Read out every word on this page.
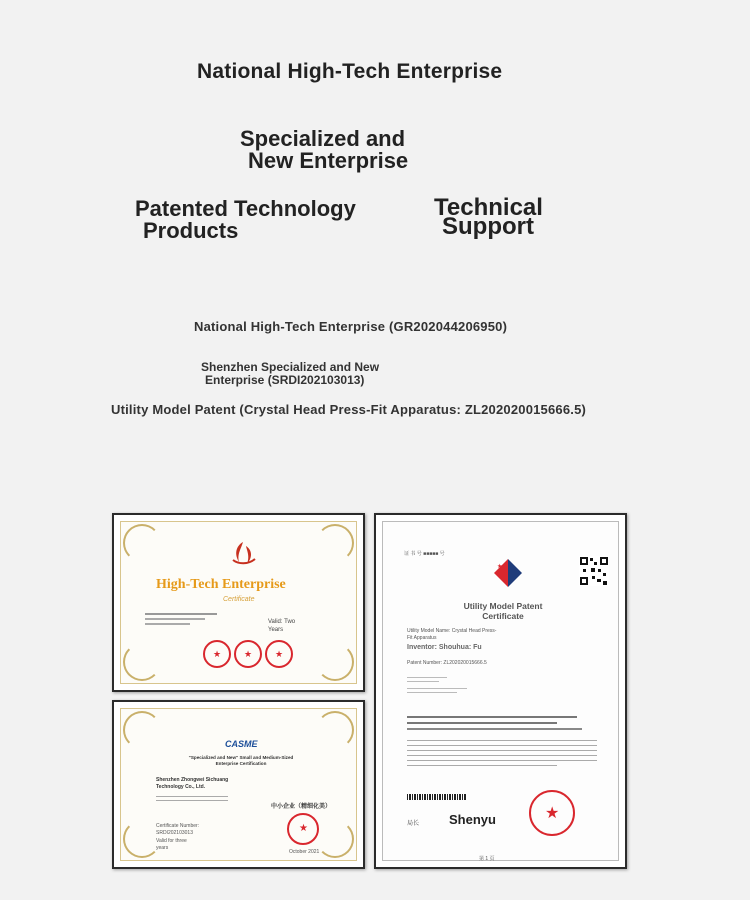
National High-Tech Enterprise
Specialized and
New Enterprise
Patented Technology
Products
Technical
Support
National High-Tech Enterprise (GR202044206950)
Shenzhen Specialized and New
Enterprise (SRDI202103013)
Utility Model Patent (Crystal Head Press-Fit Apparatus: ZL202020015666.5)
High-Tech Enterprise
Certificate
Valid: Two Years
★	★	★
CASME
"Specialized and New" Small and Medium-Sized
Enterprise Certification
Shenzhen Zhongwei Sichuang
Technology Co., Ltd.
中小企业（精细化美）
Certificate Number:
SRDI202103013
Valid for three
years
★
October 2021
证 书 号 ■■■■■ 号
★
Utility Model Patent
Certificate
Utility Model Name: Crystal Head Press-Fit Apparatus
Inventor: Shouhua: Fu
Patent Number: ZL202020015666.5
局长 Shenyu	★
第 1 页
